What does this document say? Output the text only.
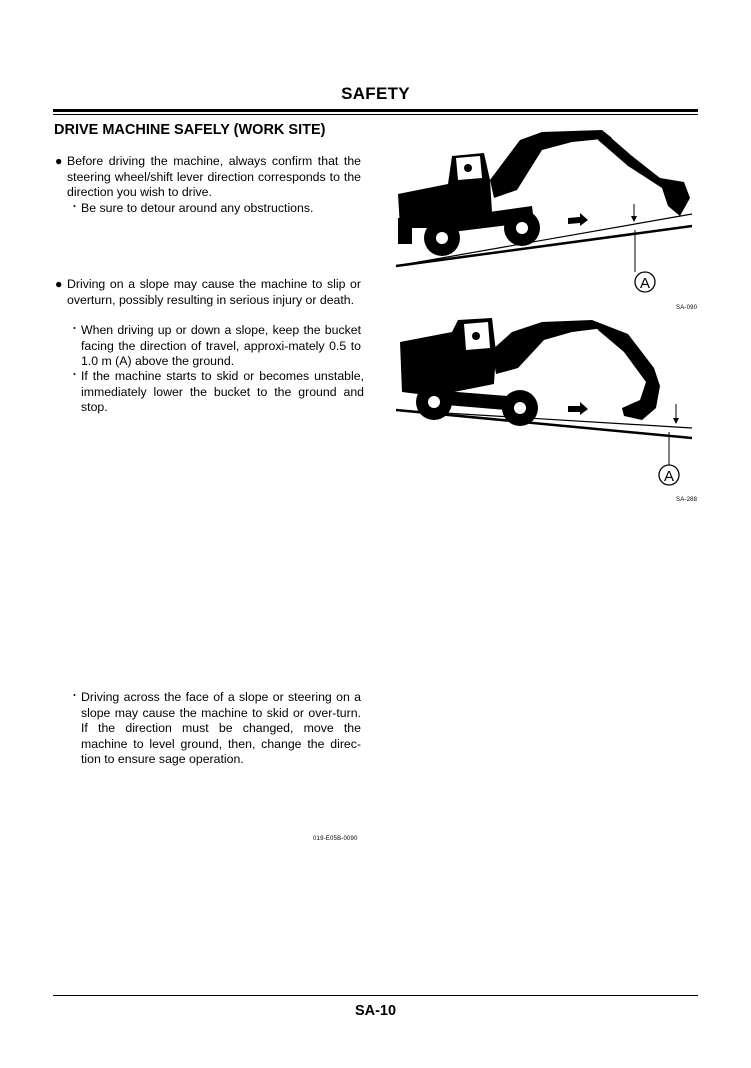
SAFETY
DRIVE MACHINE SAFELY (WORK SITE)
● Before driving the machine, always confirm that the steering wheel/shift lever direction corresponds to the direction you wish to drive.
・ Be sure to detour around any obstructions.
● Driving on a slope may cause the machine to slip or overturn, possibly resulting in serious injury or death.
・ When driving up or down a slope, keep the bucket facing the direction of travel, approxi-mately 0.5 to 1.0 m (A) above the ground.
・ If the machine starts to skid or becomes unstable, immediately lower the bucket to the ground and stop.
・ Driving across the face of a slope or steering on a slope may cause the machine to skid or over-turn. If the direction must be changed, move the machine to level ground, then, change the direc-tion to ensure sage operation.
019-E05B-0090
A
SA-090
A
SA-288
SA-10
